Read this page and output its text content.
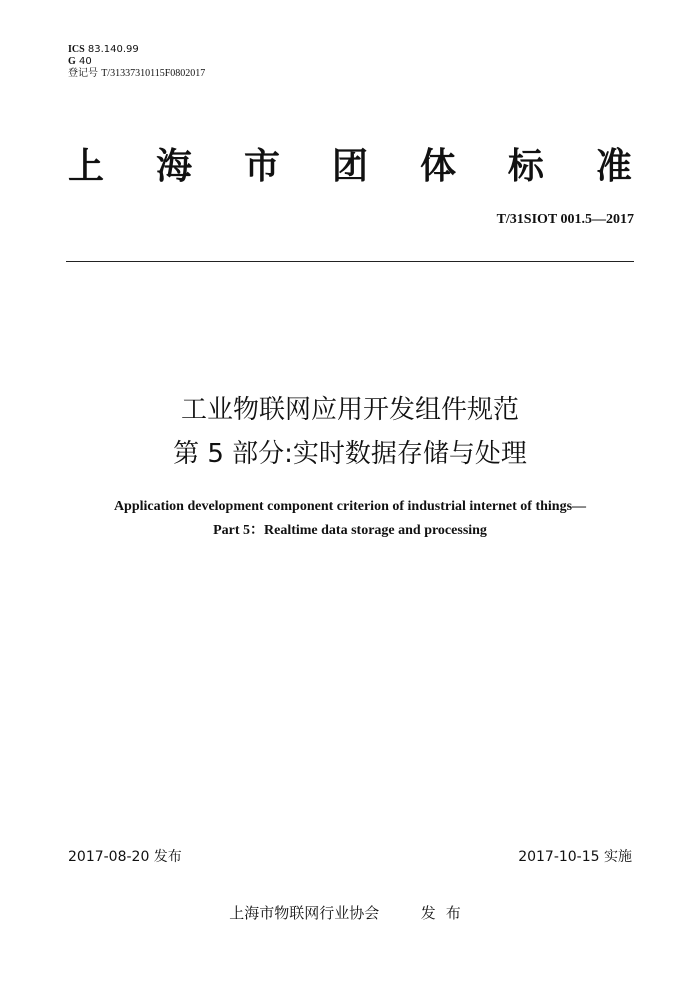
ICS 83.140.99
G 40
登记号 T/31337310115F0802017
上 海 市 团 体 标 准
T/31SIOT 001.5—2017
工业物联网应用开发组件规范
第 5 部分:实时数据存储与处理
Application development component criterion of industrial internet of things—
Part 5：Realtime data storage and processing
2017-08-20 发布	2017-10-15 实施
上海市物联网行业协会	发布
